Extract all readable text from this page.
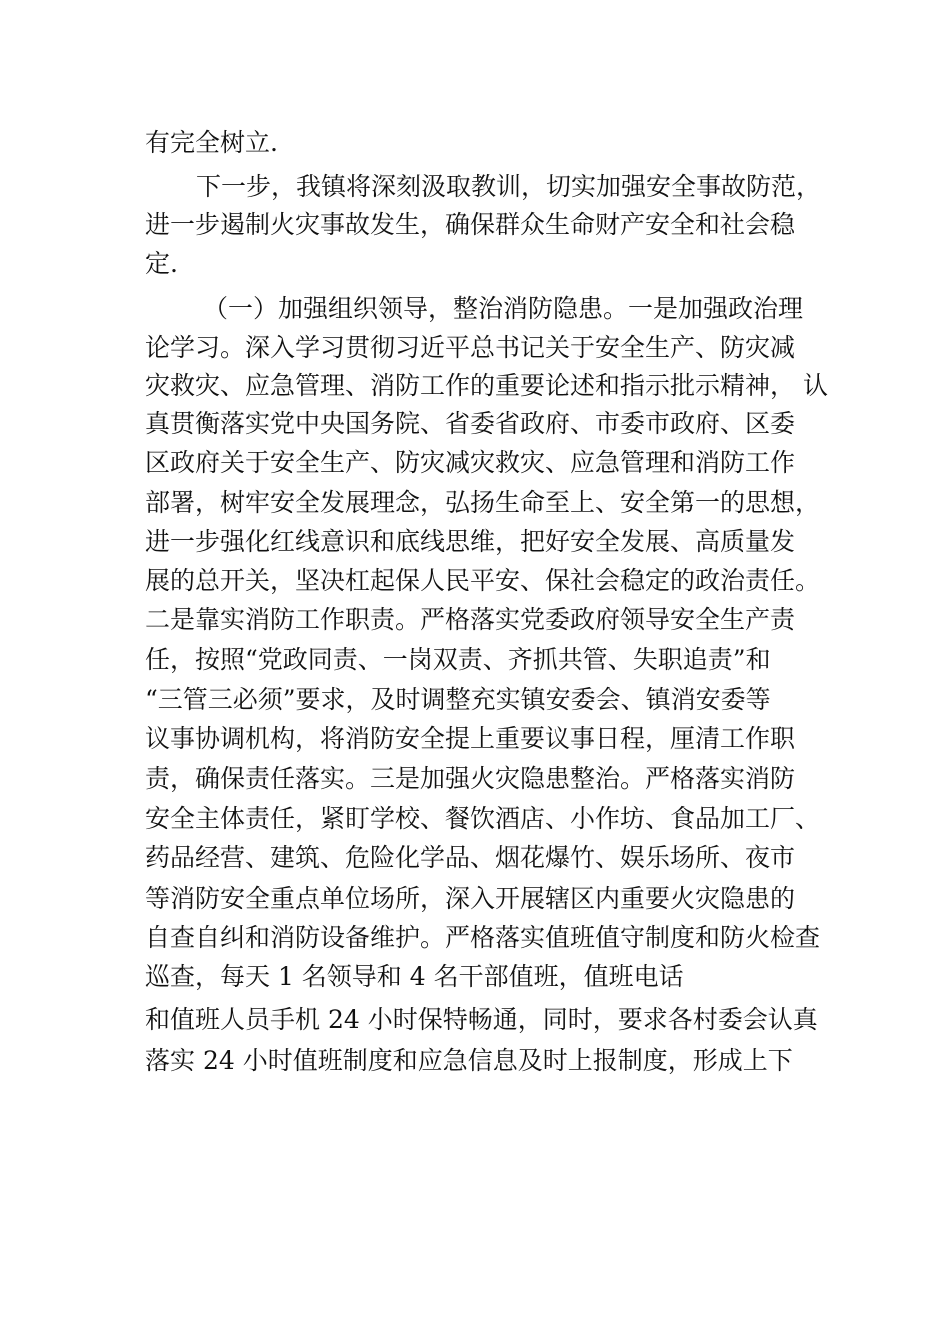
有完全树立.
下一步，我镇将深刻汲取教训，切实加强安全事故防范，
进一步遏制火灾事故发生，确保群众生命财产安全和社会稳
定.
（一）加强组织领导，整治消防隐患。一是加强政治理
论学习。深入学习贯彻习近平总书记关于安全生产、防灾减
灾救灾、应急管理、消防工作的重要论述和指示批示精神， 认
真贯衡落实党中央国务院、省委省政府、市委市政府、区委
区政府关于安全生产、防灾减灾救灾、应急管理和消防工作
部署，树牢安全发展理念，弘扬生命至上、安全第一的思想，
进一步强化红线意识和底线思维，把好安全发展、高质量发
展的总开关，坚决杠起保人民平安、保社会稳定的政治责任。
二是靠实消防工作职责。严格落实党委政府领导安全生产责
任，按照“党政同责、一岗双责、齐抓共管、失职追责”和
“三管三必须”要求，及时调整充实镇安委会、镇消安委等
议事协调机构，将消防安全提上重要议事日程，厘清工作职
责，确保责任落实。三是加强火灾隐患整治。严格落实消防
安全主体责任，紧盯学校、餐饮酒店、小作坊、食品加工厂、
药品经营、建筑、危险化学品、烟花爆竹、娱乐场所、夜市
等消防安全重点单位场所，深入开展辖区内重要火灾隐患的
自查自纠和消防设备维护。严格落实值班值守制度和防火检查
巡查，每天 1 名领导和 4 名干部值班，值班电话
和值班人员手机 24 小时保特畅通，同时，要求各村委会认真
落实 24 小时值班制度和应急信息及时上报制度，形成上下
